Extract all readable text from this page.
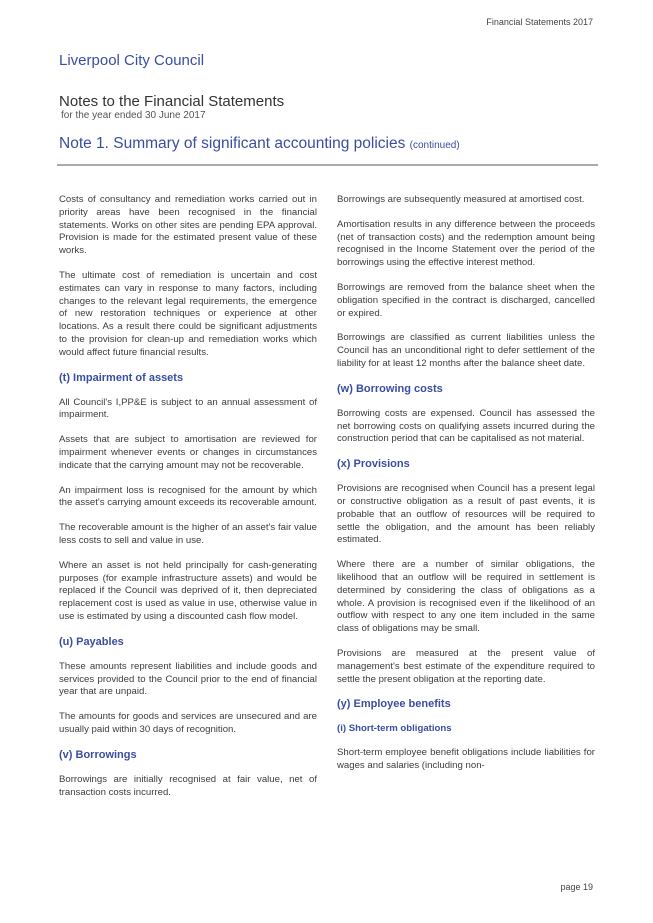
Financial Statements 2017
Liverpool City Council
Notes to the Financial Statements
for the year ended 30 June 2017
Note 1. Summary of significant accounting policies (continued)

Costs of consultancy and remediation works carried out in priority areas have been recognised in the financial statements. Works on other sites are pending EPA approval. Provision is made for the estimated present value of these works.

The ultimate cost of remediation is uncertain and cost estimates can vary in response to many factors, including changes to the relevant legal requirements, the emergence of new restoration techniques or experience at other locations. As a result there could be significant adjustments to the provision for clean-up and remediation works which would affect future financial results.

(t) Impairment of assets

All Council's I,PP&E is subject to an annual assessment of impairment.

Assets that are subject to amortisation are reviewed for impairment whenever events or changes in circumstances indicate that the carrying amount may not be recoverable.

An impairment loss is recognised for the amount by which the asset's carrying amount exceeds its recoverable amount.

The recoverable amount is the higher of an asset's fair value less costs to sell and value in use.

Where an asset is not held principally for cash-generating purposes (for example infrastructure assets) and would be replaced if the Council was deprived of it, then depreciated replacement cost is used as value in use, otherwise value in use is estimated by using a discounted cash flow model.

(u) Payables

These amounts represent liabilities and include goods and services provided to the Council prior to the end of financial year that are unpaid.

The amounts for goods and services are unsecured and are usually paid within 30 days of recognition.

(v) Borrowings

Borrowings are initially recognised at fair value, net of transaction costs incurred.

Borrowings are subsequently measured at amortised cost.

Amortisation results in any difference between the proceeds (net of transaction costs) and the redemption amount being recognised in the Income Statement over the period of the borrowings using the effective interest method.

Borrowings are removed from the balance sheet when the obligation specified in the contract is discharged, cancelled or expired.

Borrowings are classified as current liabilities unless the Council has an unconditional right to defer settlement of the liability for at least 12 months after the balance sheet date.

(w) Borrowing costs

Borrowing costs are expensed. Council has assessed the net borrowing costs on qualifying assets incurred during the construction period that can be capitalised as not material.

(x) Provisions

Provisions are recognised when Council has a present legal or constructive obligation as a result of past events, it is probable that an outflow of resources will be required to settle the obligation, and the amount has been reliably estimated.

Where there are a number of similar obligations, the likelihood that an outflow will be required in settlement is determined by considering the class of obligations as a whole. A provision is recognised even if the likelihood of an outflow with respect to any one item included in the same class of obligations may be small.

Provisions are measured at the present value of management's best estimate of the expenditure required to settle the present obligation at the reporting date.

(y) Employee benefits
(i) Short-term obligations

Short-term employee benefit obligations include liabilities for wages and salaries (including non-

page 19
